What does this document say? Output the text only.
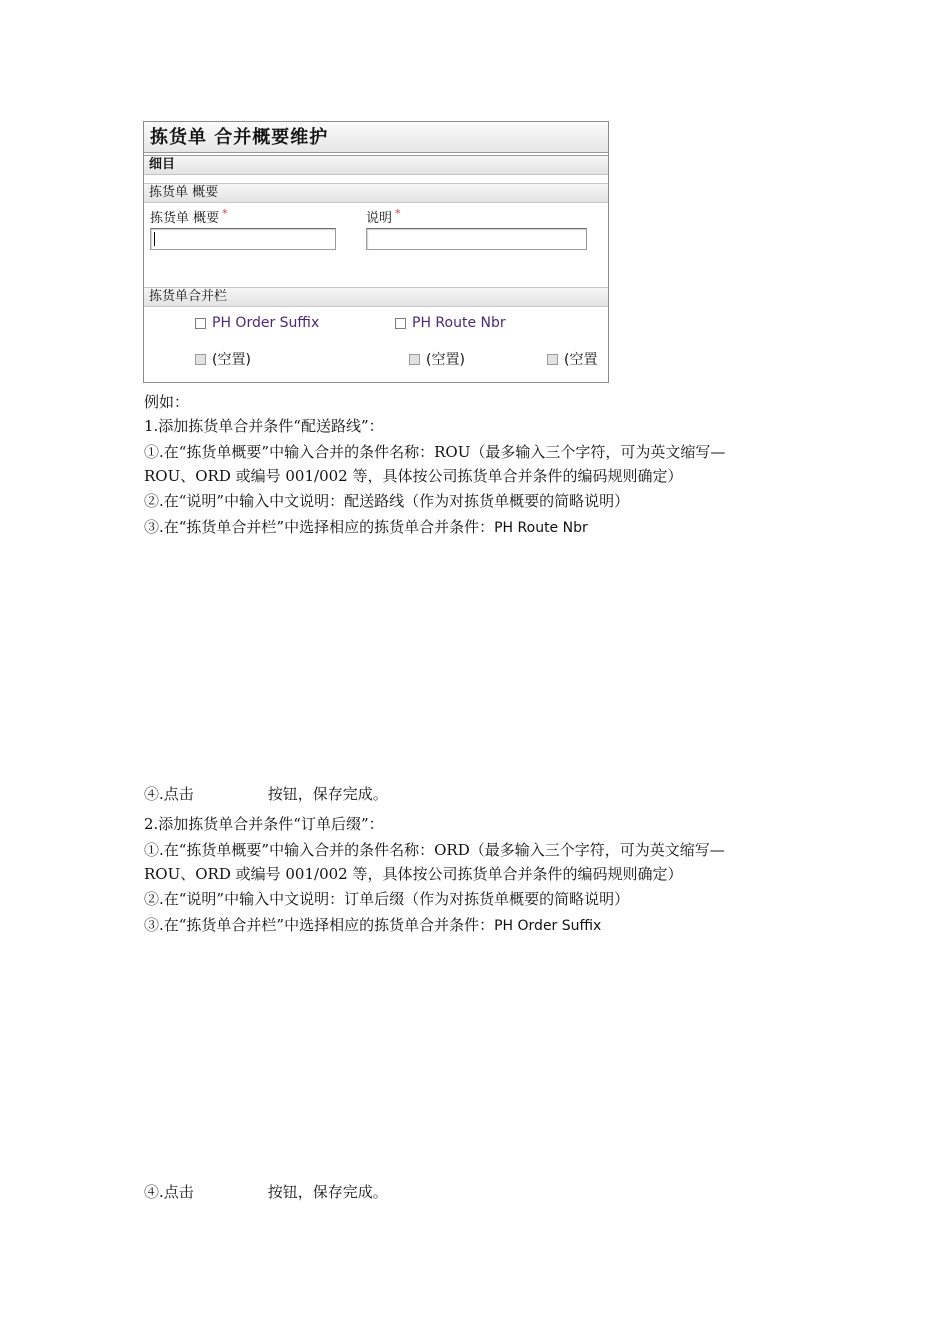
拣货单 合并概要维护
细目
拣货单 概要
拣货单 概要 *	说明 *
拣货单合并栏
PH Order Suffix	PH Route Nbr
(空置)	(空置)	(空置

例如：

1.添加拣货单合并条件“配送路线”：

①.在“拣货单概要”中输入合并的条件名称：ROU（最多输入三个字符，可为英文缩写—

ROU、ORD 或编号 001/002 等，具体按公司拣货单合并条件的编码规则确定）

②.在“说明”中输入中文说明：配送路线（作为对拣货单概要的简略说明）

③.在“拣货单合并栏”中选择相应的拣货单合并条件：PH Route Nbr

④.点击	按钮，保存完成。

2.添加拣货单合并条件“订单后缀”：

①.在“拣货单概要”中输入合并的条件名称：ORD（最多输入三个字符，可为英文缩写—

ROU、ORD 或编号 001/002 等，具体按公司拣货单合并条件的编码规则确定）

②.在“说明”中输入中文说明：订单后缀（作为对拣货单概要的简略说明）

③.在“拣货单合并栏”中选择相应的拣货单合并条件：PH Order Suffix

④.点击	按钮，保存完成。
